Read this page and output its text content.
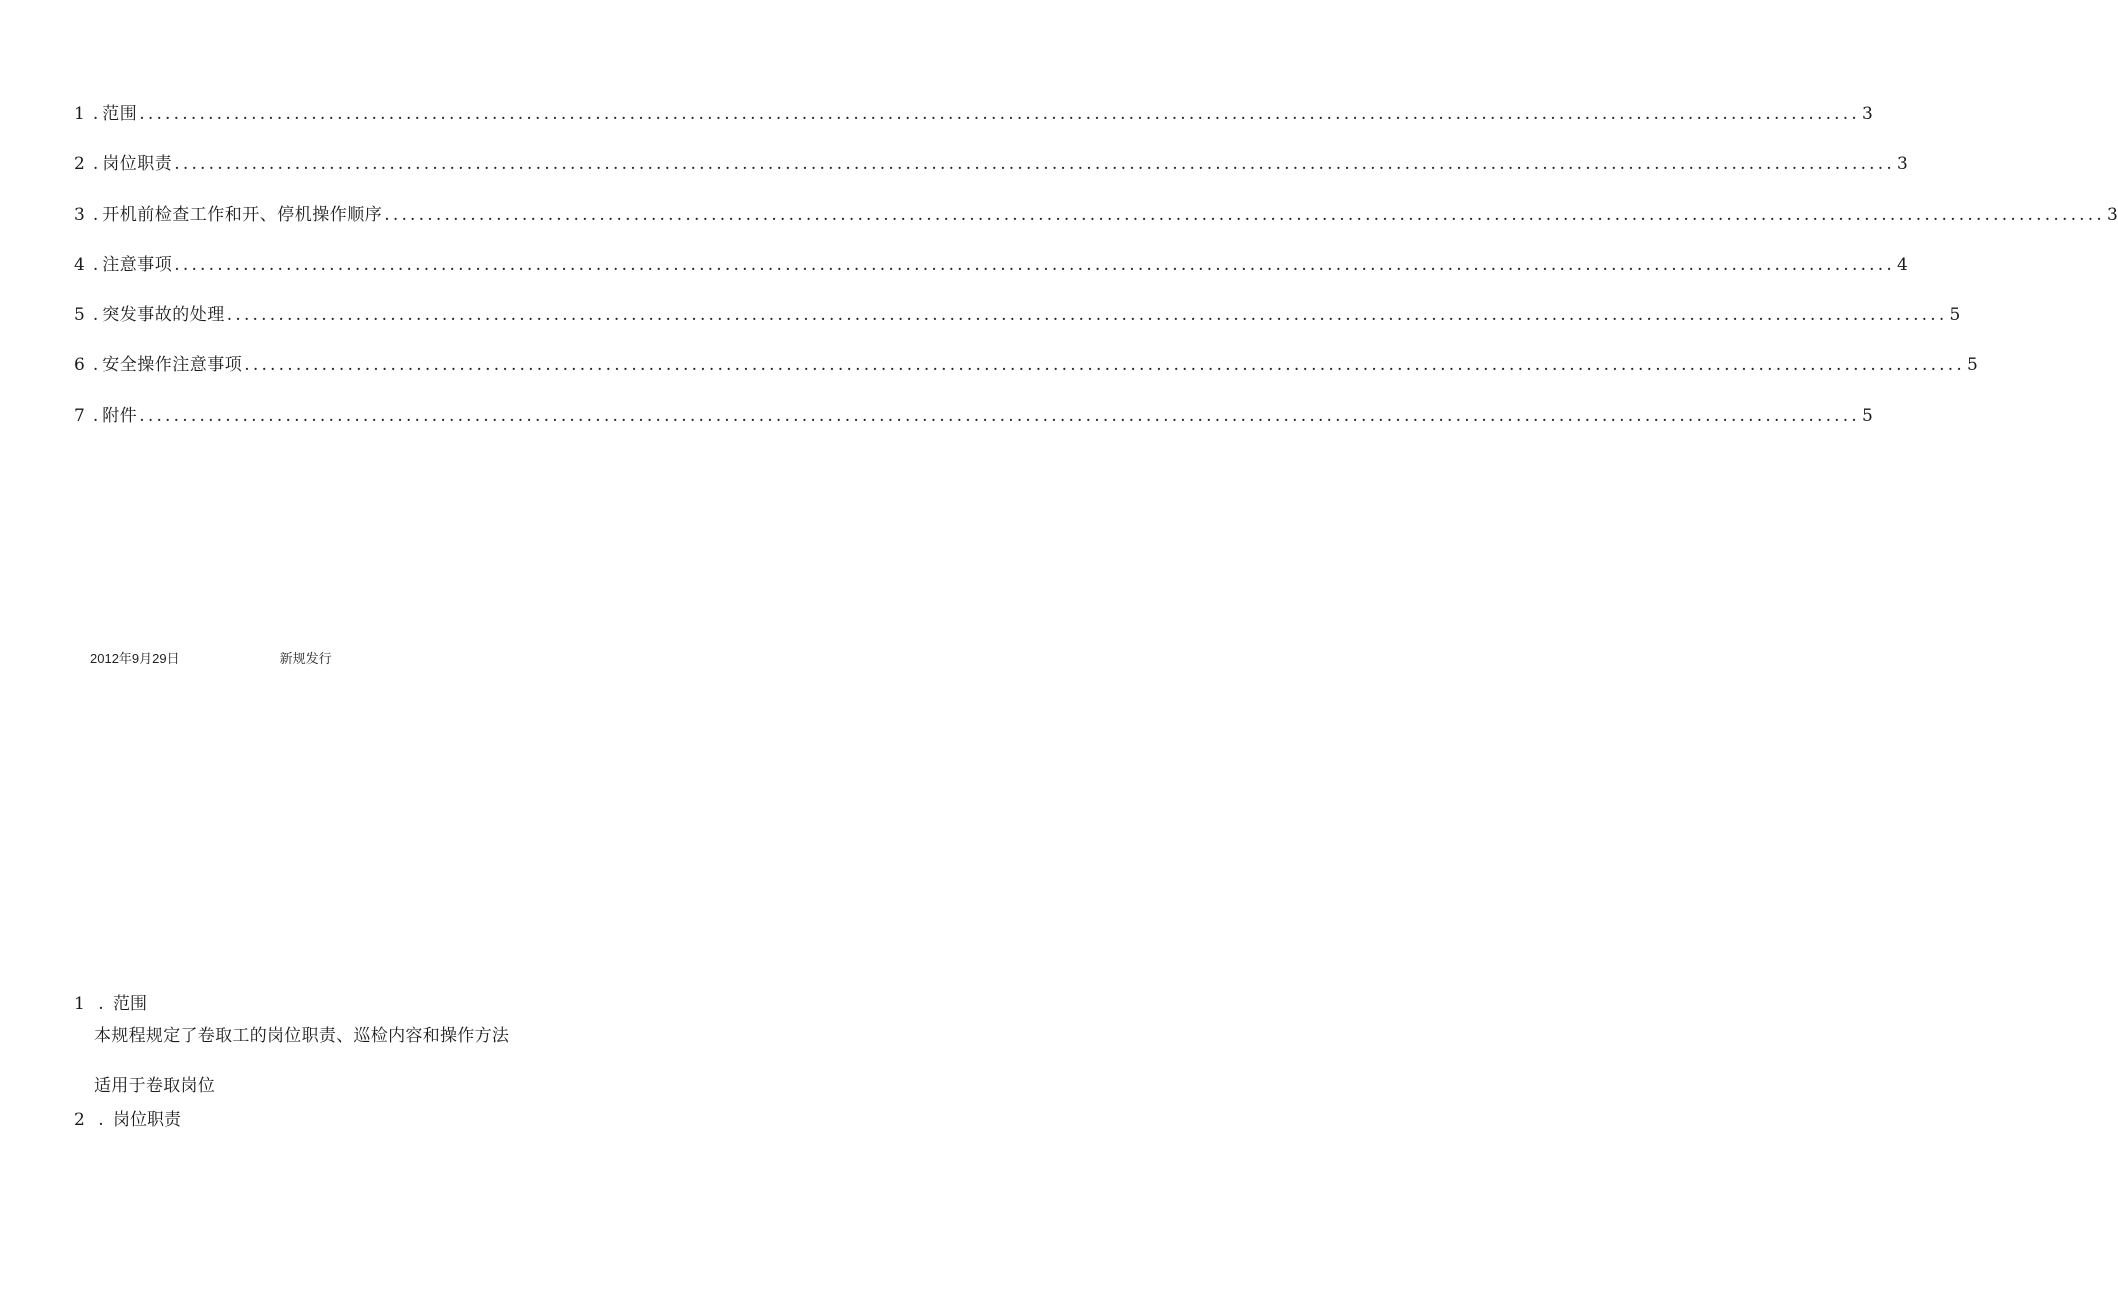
1 . 范围 ........................................................................................................................................................................................................ 3
2 . 岗位职责 ........................................................................................................................................................................................................ 3
3 . 开机前检查工作和开、停机操作顺序 ........................................................................................................................................................................................................ 3
4 . 注意事项 ........................................................................................................................................................................................................ 4
5 . 突发事故的处理 ........................................................................................................................................................................................................ 5
6 . 安全操作注意事项 ........................................................................................................................................................................................................ 5
7 . 附件 ........................................................................................................................................................................................................ 5
2012年9月29日	新规发行
1 . 范围
本规程规定了卷取工的岗位职责、巡检内容和操作方法
适用于卷取岗位
2 . 岗位职责
